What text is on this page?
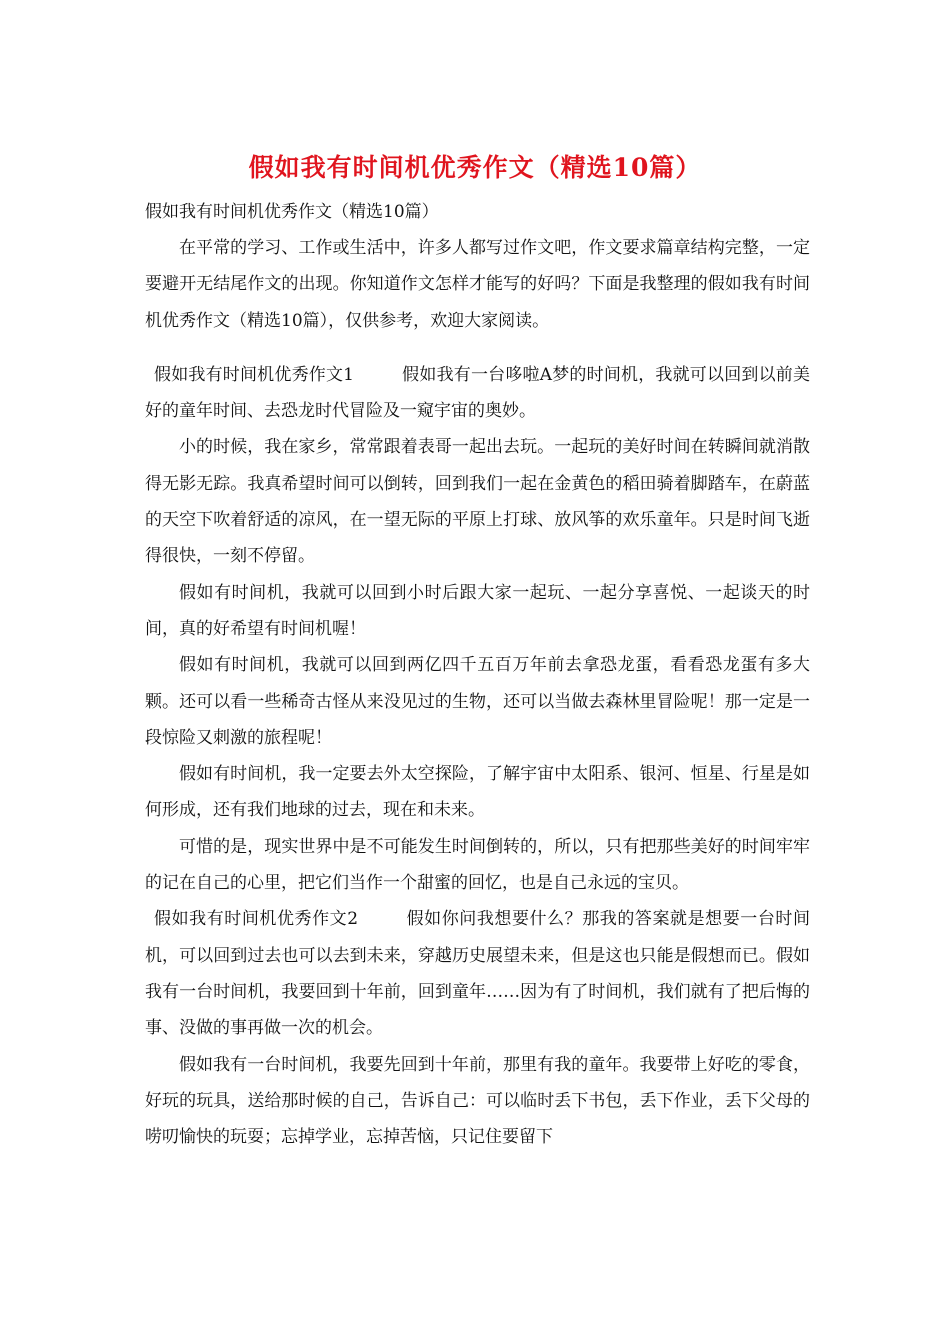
假如我有时间机优秀作文（精选10篇）
假如我有时间机优秀作文（精选10篇）

在平常的学习、工作或生活中，许多人都写过作文吧，作文要求篇章结构完整，一定要避开无结尾作文的出现。你知道作文怎样才能写的好吗？下面是我整理的假如我有时间机优秀作文（精选10篇），仅供参考，欢迎大家阅读。

假如我有时间机优秀作文1	假如我有一台哆啦A梦的时间机，我就可以回到以前美好的童年时间、去恐龙时代冒险及一窥宇宙的奥妙。

小的时候，我在家乡，常常跟着表哥一起出去玩。一起玩的美好时间在转瞬间就消散得无影无踪。我真希望时间可以倒转，回到我们一起在金黄色的稻田骑着脚踏车，在蔚蓝的天空下吹着舒适的凉风，在一望无际的平原上打球、放风筝的欢乐童年。只是时间飞逝得很快，一刻不停留。

假如有时间机，我就可以回到小时后跟大家一起玩、一起分享喜悦、一起谈天的时间，真的好希望有时间机喔！

假如有时间机，我就可以回到两亿四千五百万年前去拿恐龙蛋，看看恐龙蛋有多大颗。还可以看一些稀奇古怪从来没见过的生物，还可以当做去森林里冒险呢！那一定是一段惊险又刺激的旅程呢！

假如有时间机，我一定要去外太空探险，了解宇宙中太阳系、银河、恒星、行星是如何形成，还有我们地球的过去，现在和未来。

可惜的是，现实世界中是不可能发生时间倒转的，所以，只有把那些美好的时间牢牢的记在自己的心里，把它们当作一个甜蜜的回忆，也是自己永远的宝贝。

假如我有时间机优秀作文2	假如你问我想要什么？那我的答案就是想要一台时间机，可以回到过去也可以去到未来，穿越历史展望未来，但是这也只能是假想而已。假如我有一台时间机，我要回到十年前，回到童年……因为有了时间机，我们就有了把后悔的事、没做的事再做一次的机会。

假如我有一台时间机，我要先回到十年前，那里有我的童年。我要带上好吃的零食，好玩的玩具，送给那时候的自己，告诉自己：可以临时丢下书包，丢下作业，丢下父母的唠叨愉快的玩耍；忘掉学业，忘掉苦恼，只记住要留下
